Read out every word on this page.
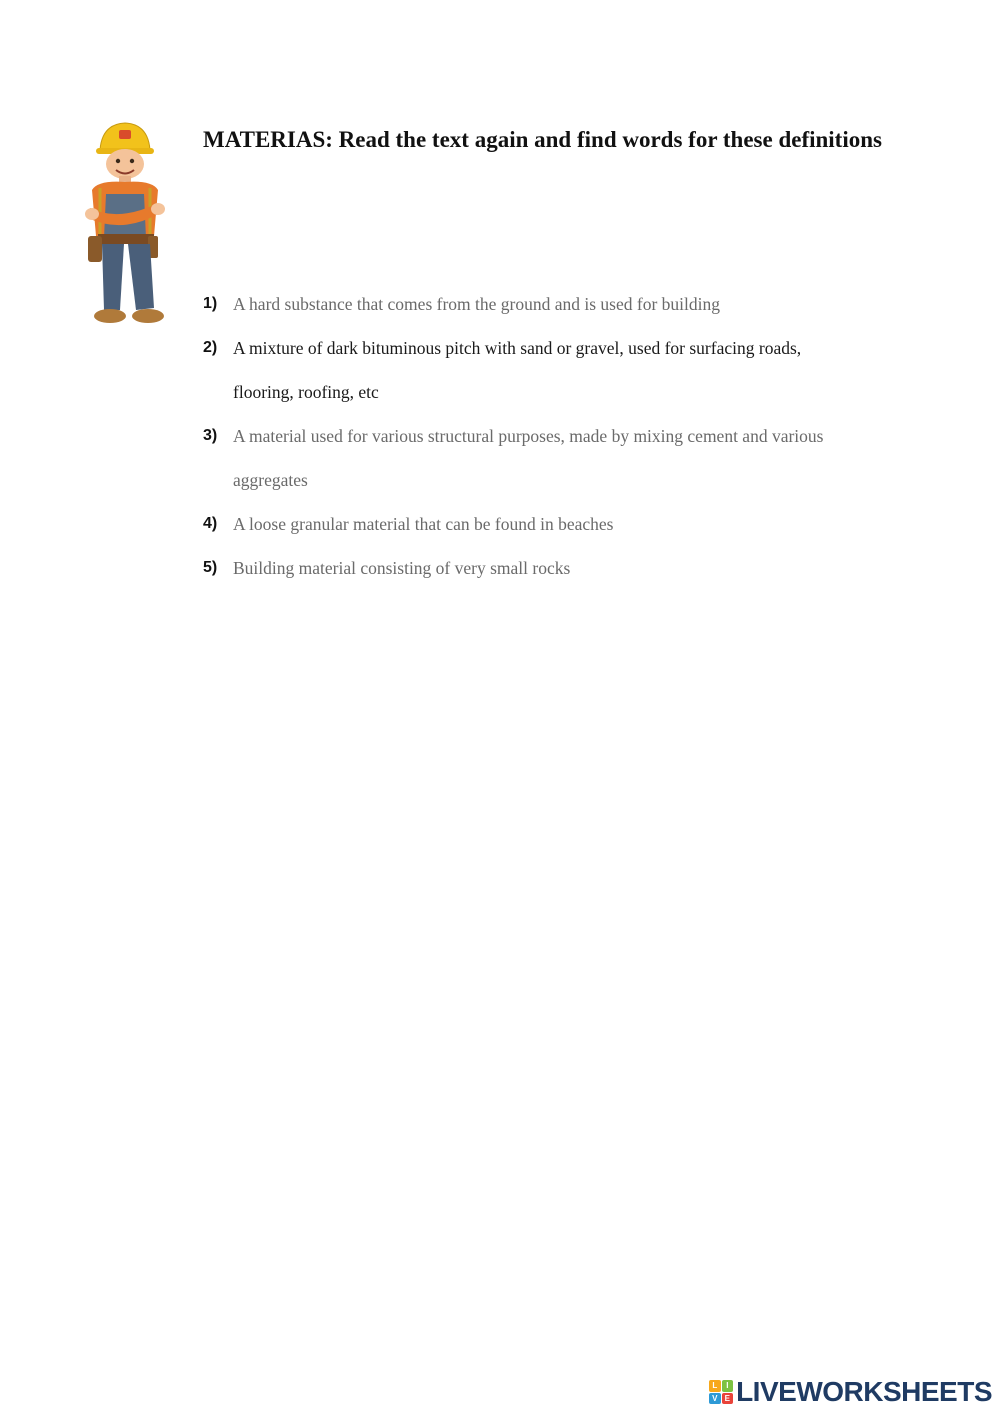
MATERIAS: Read the text again and find words for these definitions
1) A hard substance that comes from the ground and is used for building
2) A mixture of dark bituminous pitch with sand or gravel, used for surfacing roads, flooring, roofing, etc
3) A material used for various structural purposes, made by mixing cement and various aggregates
4) A loose granular material that can be found in beaches
5) Building material consisting of very small rocks
L	I
V E LIVEWORKSHEETS
